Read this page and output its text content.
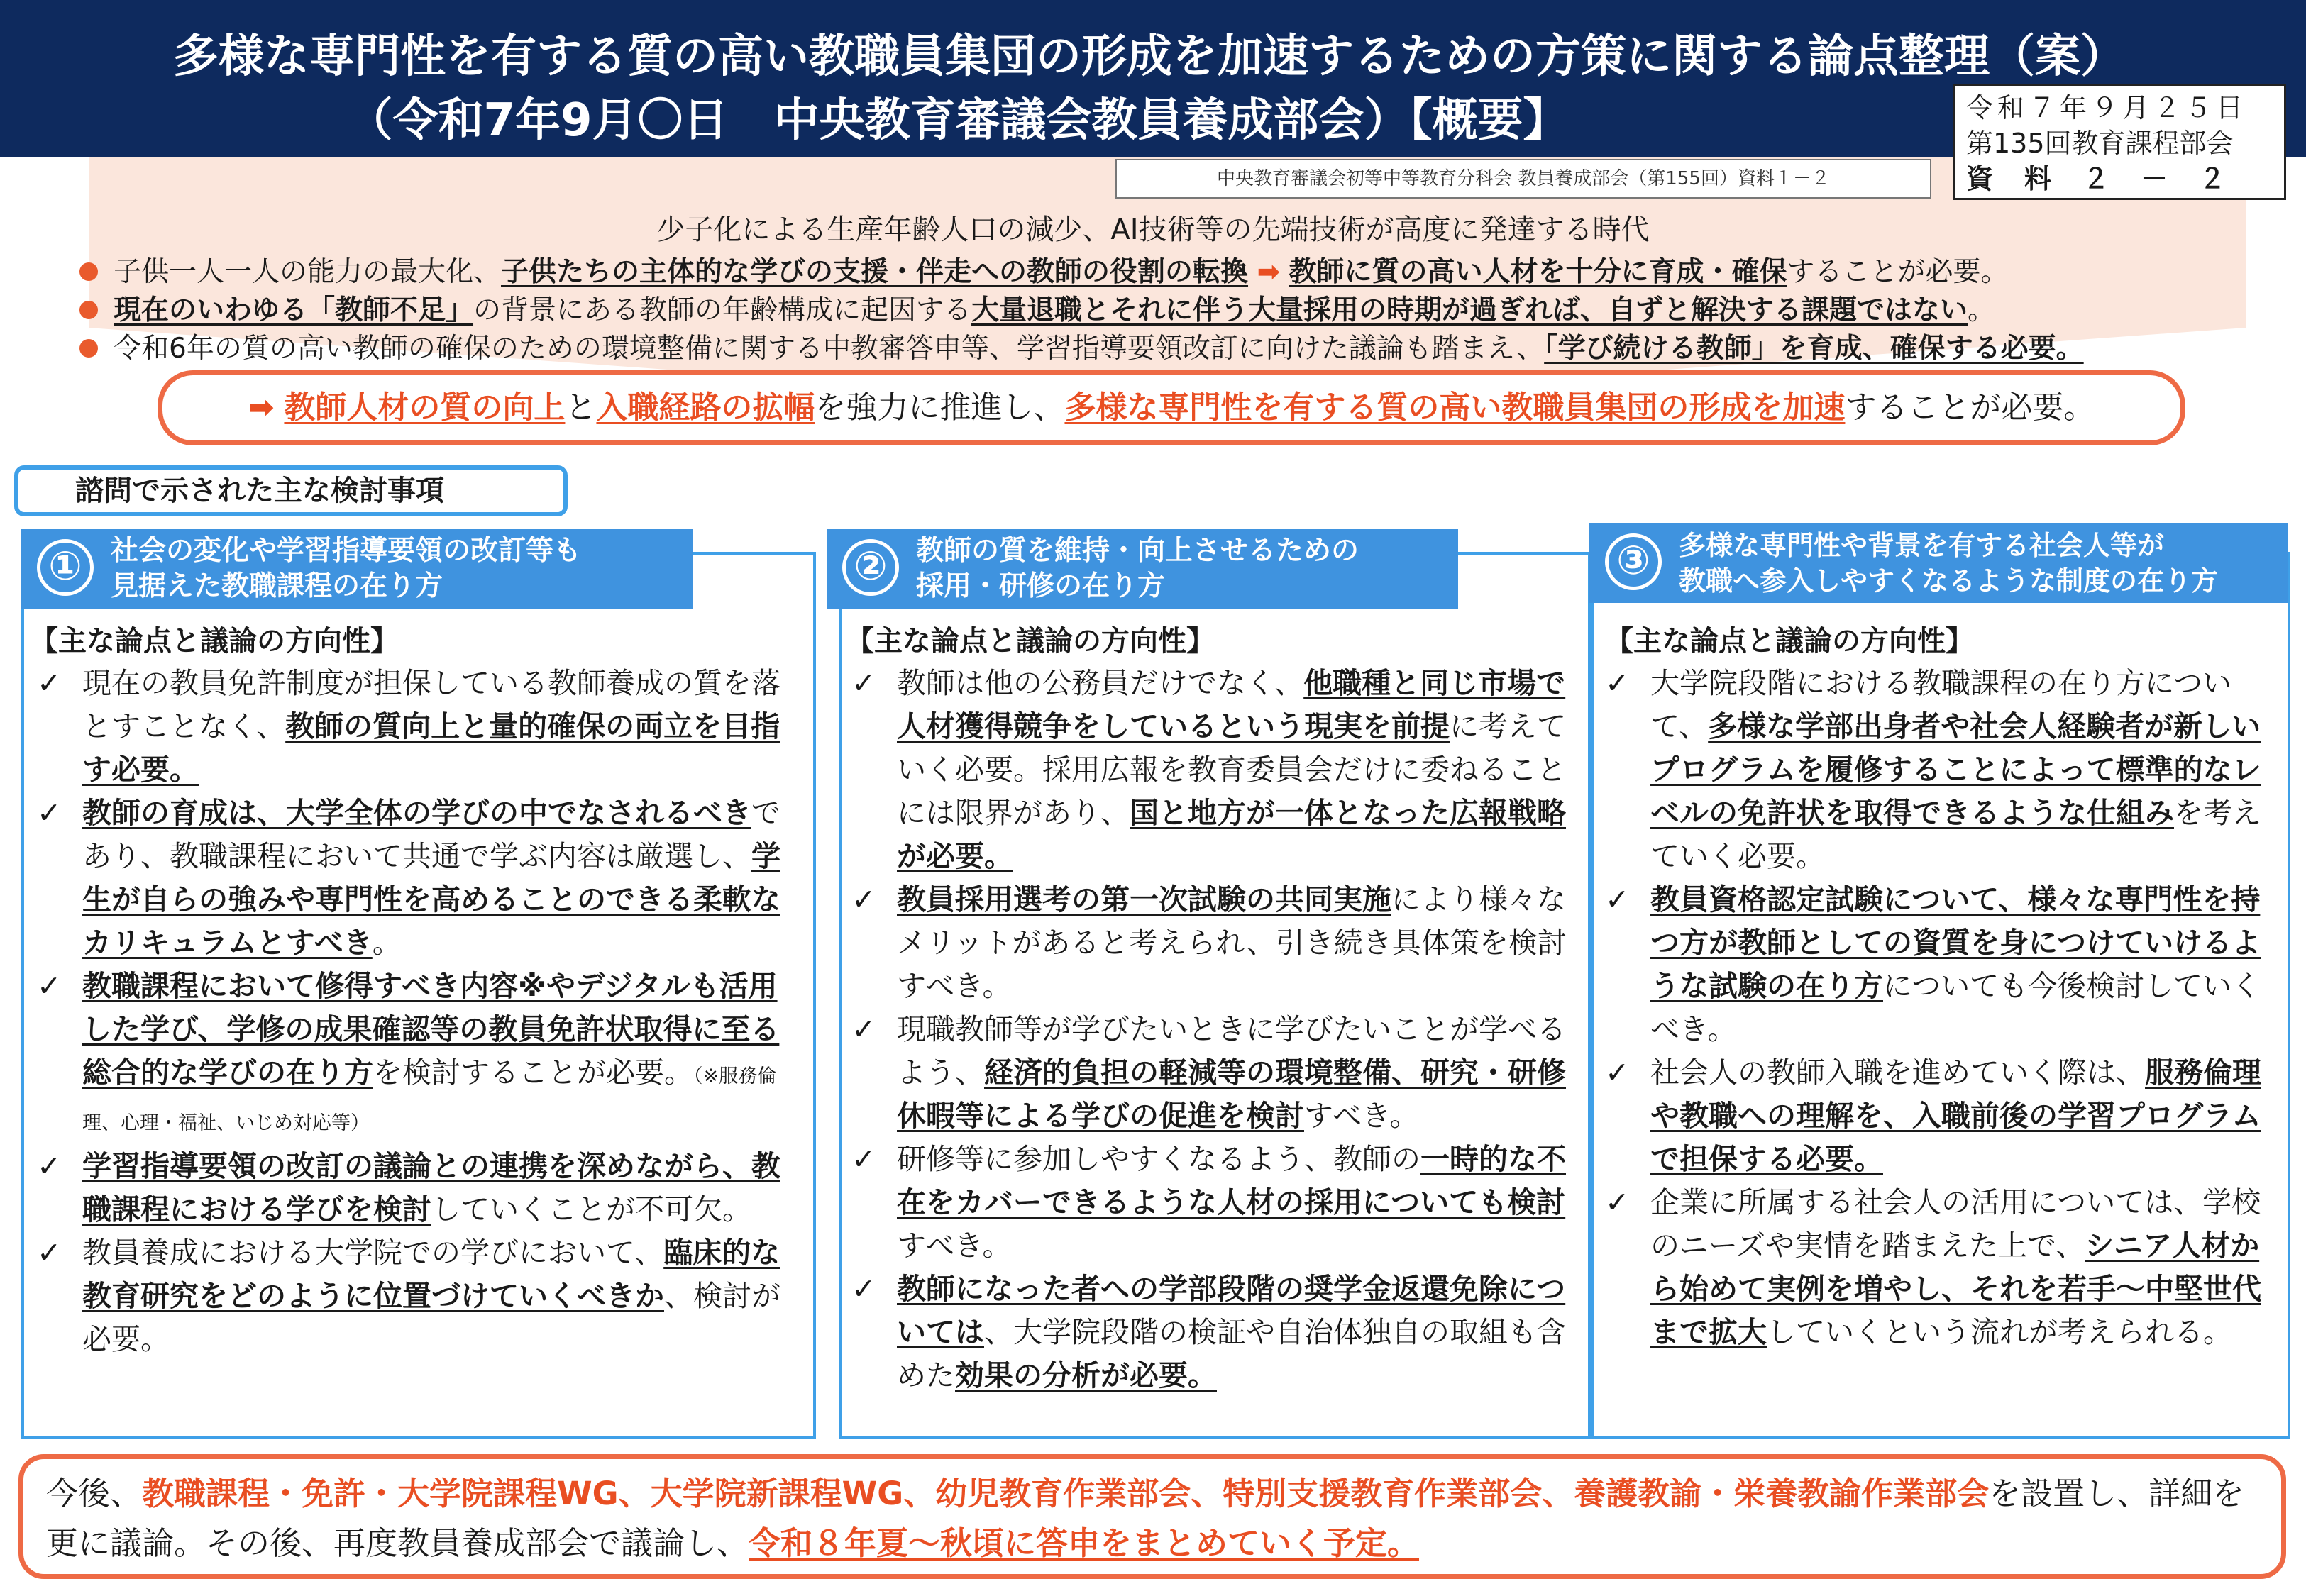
多様な専門性を有する質の高い教職員集団の形成を加速するための方策に関する論点整理（案）
（令和7年9月〇日　中央教育審議会教員養成部会）【概要】	令和７年９月２５日
第135回教育課程部会
資料２－２
中央教育審議会初等中等教育分科会 教員養成部会（第155回）資料１－２
少子化による生産年齢人口の減少、AI技術等の先端技術が高度に発達する時代
子供一人一人の能力の最大化、子供たちの主体的な学びの支援・伴走への教師の役割の転換 ➡ 教師に質の高い人材を十分に育成・確保することが必要。
現在のいわゆる「教師不足」の背景にある教師の年齢構成に起因する大量退職とそれに伴う大量採用の時期が過ぎれば、自ずと解決する課題ではない。
令和6年の質の高い教師の確保のための環境整備に関する中教審答申等、学習指導要領改訂に向けた議論も踏まえ、「学び続ける教師」を育成、確保する必要。
➡ 教師人材の質の向上と入職経路の拡幅を強力に推進し、多様な専門性を有する質の高い教職員集団の形成を加速することが必要。
諮問で示された主な検討事項
①	社会の変化や学習指導要領の改訂等も
見据えた教職課程の在り方
【主な論点と議論の方向性】
✓ 現在の教員免許制度が担保している教師養成の質を落とすことなく、教師の質向上と量的確保の両立を目指す必要。
✓ 教師の育成は、大学全体の学びの中でなされるべきであり、教職課程において共通で学ぶ内容は厳選し、学生が自らの強みや専門性を高めることのできる柔軟なカリキュラムとすべき。
✓ 教職課程において修得すべき内容※やデジタルも活用した学び、学修の成果確認等の教員免許状取得に至る総合的な学びの在り方を検討することが必要。（※服務倫理、心理・福祉、いじめ対応等）
✓ 学習指導要領の改訂の議論との連携を深めながら、教職課程における学びを検討していくことが不可欠。
✓ 教員養成における大学院での学びにおいて、臨床的な教育研究をどのように位置づけていくべきか、検討が必要。
②	教師の質を維持・向上させるための
採用・研修の在り方
【主な論点と議論の方向性】
✓ 教師は他の公務員だけでなく、他職種と同じ市場で人材獲得競争をしているという現実を前提に考えていく必要。採用広報を教育委員会だけに委ねることには限界があり、国と地方が一体となった広報戦略が必要。
✓ 教員採用選考の第一次試験の共同実施により様々なメリットがあると考えられ、引き続き具体策を検討すべき。
✓ 現職教師等が学びたいときに学びたいことが学べるよう、経済的負担の軽減等の環境整備、研究・研修休暇等による学びの促進を検討すべき。
✓ 研修等に参加しやすくなるよう、教師の一時的な不在をカバーできるような人材の採用についても検討すべき。
✓ 教師になった者への学部段階の奨学金返還免除については、大学院段階の検証や自治体独自の取組も含めた効果の分析が必要。
③	多様な専門性や背景を有する社会人等が
教職へ参入しやすくなるような制度の在り方
【主な論点と議論の方向性】
✓ 大学院段階における教職課程の在り方について、多様な学部出身者や社会人経験者が新しいプログラムを履修することによって標準的なレベルの免許状を取得できるような仕組みを考えていく必要。
✓ 教員資格認定試験について、様々な専門性を持つ方が教師としての資質を身につけていけるような試験の在り方についても今後検討していくべき。
✓ 社会人の教師入職を進めていく際は、服務倫理や教職への理解を、入職前後の学習プログラムで担保する必要。
✓ 企業に所属する社会人の活用については、学校のニーズや実情を踏まえた上で、シニア人材から始めて実例を増やし、それを若手～中堅世代まで拡大していくという流れが考えられる。
今後、教職課程・免許・大学院課程WG、大学院新課程WG、幼児教育作業部会、特別支援教育作業部会、養護教諭・栄養教諭作業部会を設置し、詳細を更に議論。その後、再度教員養成部会で議論し、令和８年夏～秋頃に答申をまとめていく予定。
